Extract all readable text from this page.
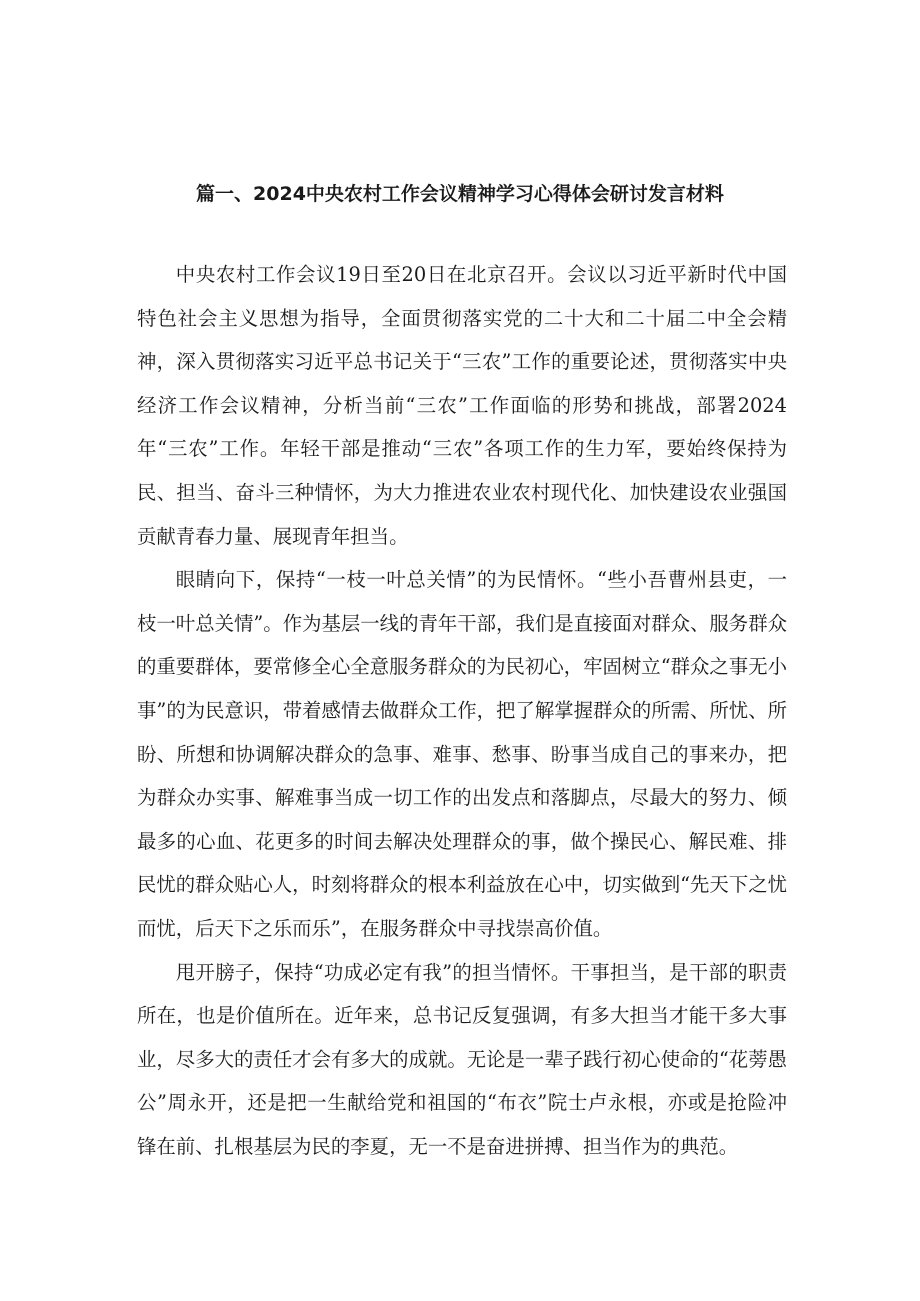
篇一、2024中央农村工作会议精神学习心得体会研讨发言材料

中央农村工作会议19日至20日在北京召开。会议以习近平新时代中国特色社会主义思想为指导，全面贯彻落实党的二十大和二十届二中全会精神，深入贯彻落实习近平总书记关于“三农”工作的重要论述，贯彻落实中央经济工作会议精神，分析当前“三农”工作面临的形势和挑战，部署2024年“三农”工作。年轻干部是推动“三农”各项工作的生力军，要始终保持为民、担当、奋斗三种情怀，为大力推进农业农村现代化、加快建设农业强国贡献青春力量、展现青年担当。

眼睛向下，保持“一枝一叶总关情”的为民情怀。“些小吾曹州县吏，一枝一叶总关情”。作为基层一线的青年干部，我们是直接面对群众、服务群众的重要群体，要常修全心全意服务群众的为民初心，牢固树立“群众之事无小事”的为民意识，带着感情去做群众工作，把了解掌握群众的所需、所忧、所盼、所想和协调解决群众的急事、难事、愁事、盼事当成自己的事来办，把为群众办实事、解难事当成一切工作的出发点和落脚点，尽最大的努力、倾最多的心血、花更多的时间去解决处理群众的事，做个操民心、解民难、排民忧的群众贴心人，时刻将群众的根本利益放在心中，切实做到“先天下之忧而忧，后天下之乐而乐”，在服务群众中寻找崇高价值。

甩开膀子，保持“功成必定有我”的担当情怀。干事担当，是干部的职责所在，也是价值所在。近年来，总书记反复强调，有多大担当才能干多大事业，尽多大的责任才会有多大的成就。无论是一辈子践行初心使命的“花蒡愚公”周永开，还是把一生献给党和祖国的“布衣”院士卢永根，亦或是抢险冲锋在前、扎根基层为民的李夏，无一不是奋进拼搏、担当作为的典范。
